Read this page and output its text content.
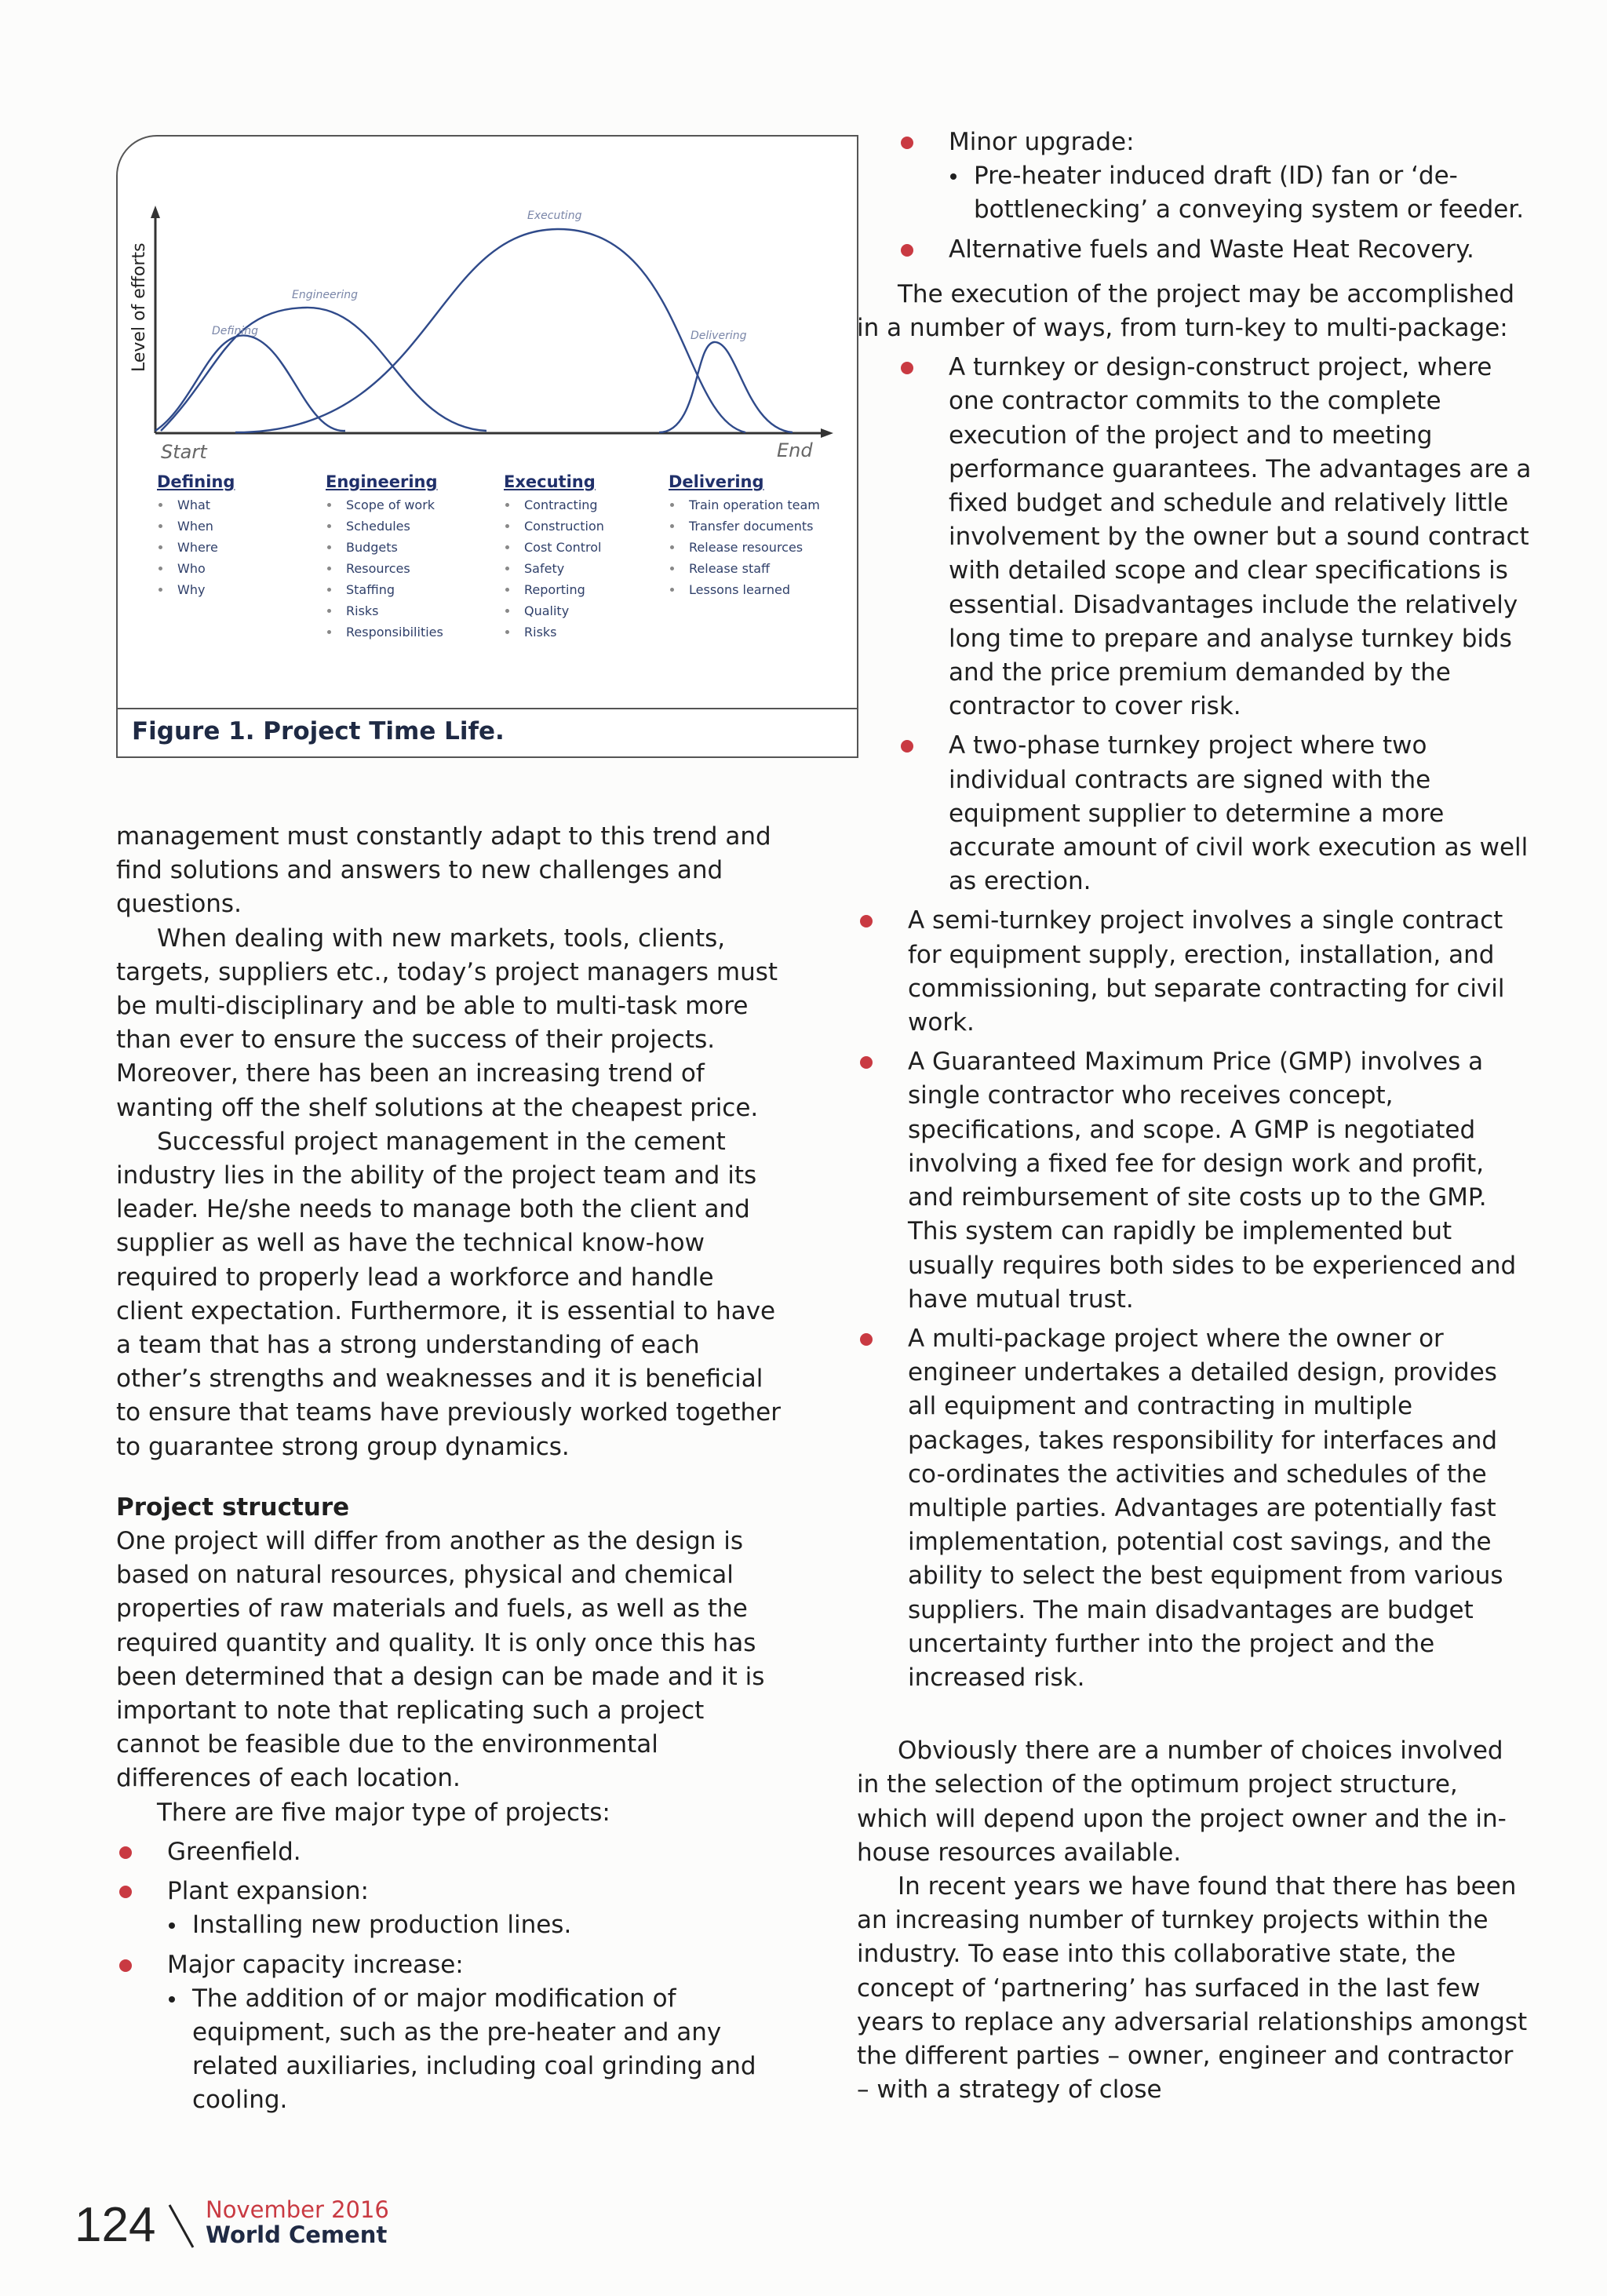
Defining
Engineering
Executing
Delivering
Level of efforts
Start	End
Defining
What
When
Where
Who
Why
Engineering
Scope of work
Schedules
Budgets
Resources
Staffing
Risks
Responsibilities
Executing
Contracting
Construction
Cost Control
Safety
Reporting
Quality
Risks
Delivering
Train operation team
Transfer documents
Release resources
Release staff
Lessons learned
Figure 1. Project Time Life.

management must constantly adapt to this trend and find solutions and answers to new challenges and questions.

When dealing with new markets, tools, clients, targets, suppliers etc., today’s project managers must be multi-disciplinary and be able to multi-task more than ever to ensure the success of their projects. Moreover, there has been an increasing trend of wanting off the shelf solutions at the cheapest price.

Successful project management in the cement industry lies in the ability of the project team and its leader. He/she needs to manage both the client and supplier as well as have the technical know-how required to properly lead a workforce and handle client expectation. Furthermore, it is essential to have a team that has a strong understanding of each other’s strengths and weaknesses and it is beneficial to ensure that teams have previously worked together to guarantee strong group dynamics.

Project structure

One project will differ from another as the design is based on natural resources, physical and chemical properties of raw materials and fuels, as well as the required quantity and quality. It is only once this has been determined that a design can be made and it is important to note that replicating such a project cannot be feasible due to the environmental differences of each location.

There are five major type of projects:

Greenfield.
Plant expansion:
Installing new production lines.
Major capacity increase:
The addition of or major modification of equipment, such as the pre-heater and any related auxiliaries, including coal grinding and cooling.
Minor upgrade:
Pre-heater induced draft (ID) fan or ‘de-bottlenecking’ a conveying system or feeder.
Alternative fuels and Waste Heat Recovery.

The execution of the project may be accomplished in a number of ways, from turn-key to multi-package:

A turnkey or design-construct project, where one contractor commits to the complete execution of the project and to meeting performance guarantees. The advantages are a fixed budget and schedule and relatively little involvement by the owner but a sound contract with detailed scope and clear specifications is essential. Disadvantages include the relatively long time to prepare and analyse turnkey bids and the price premium demanded by the contractor to cover risk.
A two-phase turnkey project where two individual contracts are signed with the equipment supplier to determine a more accurate amount of civil work execution as well as erection.
A semi-turnkey project involves a single contract for equipment supply, erection, installation, and commissioning, but separate contracting for civil work.
A Guaranteed Maximum Price (GMP) involves a single contractor who receives concept, specifications, and scope. A GMP is negotiated involving a fixed fee for design work and profit, and reimbursement of site costs up to the GMP. This system can rapidly be implemented but usually requires both sides to be experienced and have mutual trust.
A multi-package project where the owner or engineer undertakes a detailed design, provides all equipment and contracting in multiple packages, takes responsibility for interfaces and co-ordinates the activities and schedules of the multiple parties. Advantages are potentially fast implementation, potential cost savings, and the ability to select the best equipment from various suppliers. The main disadvantages are budget uncertainty further into the project and the increased risk.

Obviously there are a number of choices involved in the selection of the optimum project structure, which will depend upon the project owner and the in-house resources available.

In recent years we have found that there has been an increasing number of turnkey projects within the industry. To ease into this collaborative state, the concept of ‘partnering’ has surfaced in the last few years to replace any adversarial relationships amongst the different parties – owner, engineer and contractor – with a strategy of close

124 November 2016
World Cement
